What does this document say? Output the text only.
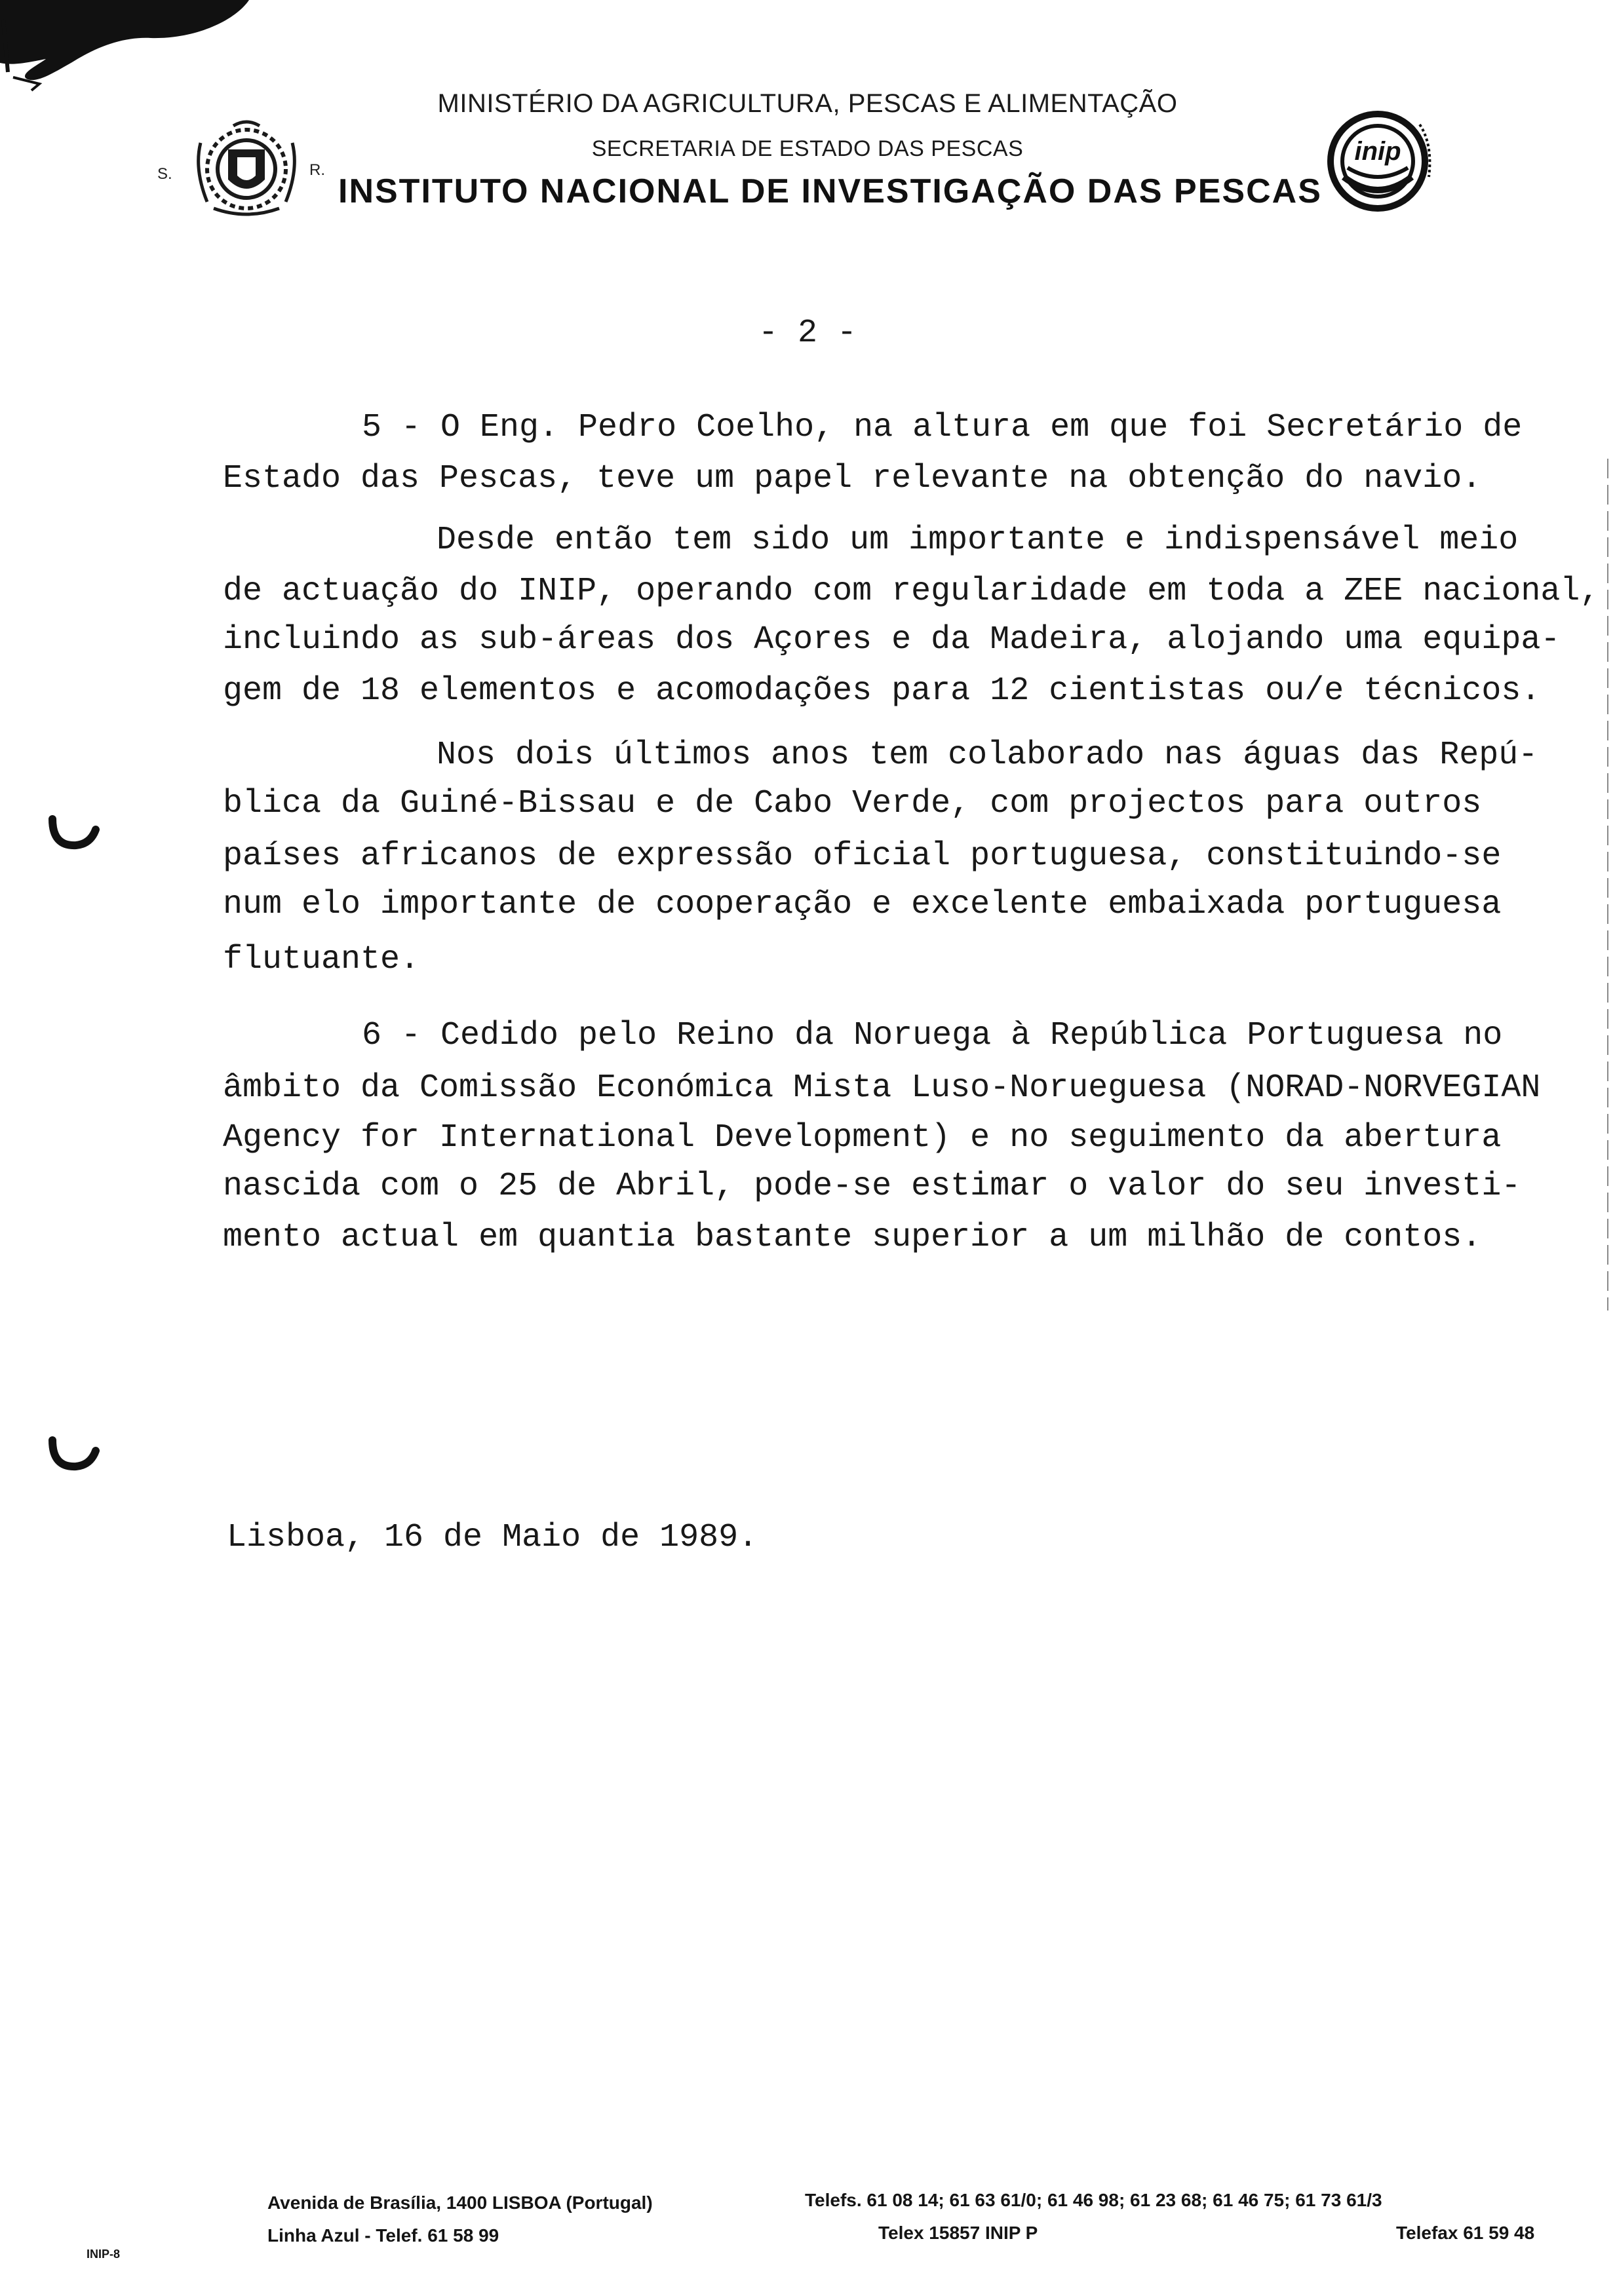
MINISTÉRIO DA AGRICULTURA, PESCAS E ALIMENTAÇÃO
SECRETARIA DE ESTADO DAS PESCAS
INSTITUTO NACIONAL DE INVESTIGAÇÃO DAS PESCAS
S.	R.
inip
- 2 -
5 - O Eng. Pedro Coelho, na altura em que foi Secretário de
Estado das Pescas, teve um papel relevante na obtenção do navio.
Desde então tem sido um importante e indispensável meio
de actuação do INIP, operando com regularidade em toda a ZEE nacional,
incluindo as sub-áreas dos Açores e da Madeira, alojando uma equipa-
gem de 18 elementos e acomodações para 12 cientistas ou/e técnicos.
Nos dois últimos anos tem colaborado nas águas das Repú-
blica da Guiné-Bissau e de Cabo Verde, com projectos para outros
países africanos de expressão oficial portuguesa, constituindo-se
num elo importante de cooperação e excelente embaixada portuguesa
flutuante.
6 - Cedido pelo Reino da Noruega à República Portuguesa no
âmbito da Comissão Económica Mista Luso-Norueguesa (NORAD-NORVEGIAN
Agency for International Development) e no seguimento da abertura
nascida com o 25 de Abril, pode-se estimar o valor do seu investi-
mento actual em quantia bastante superior a um milhão de contos.
Lisboa, 16 de Maio de 1989.
Avenida de Brasília, 1400 LISBOA (Portugal)
Linha Azul - Telef. 61 58 99
Telefs. 61 08 14; 61 63 61/0; 61 46 98; 61 23 68; 61 46 75; 61 73 61/3
Telex 15857 INIP P	Telefax 61 59 48
INIP-8
